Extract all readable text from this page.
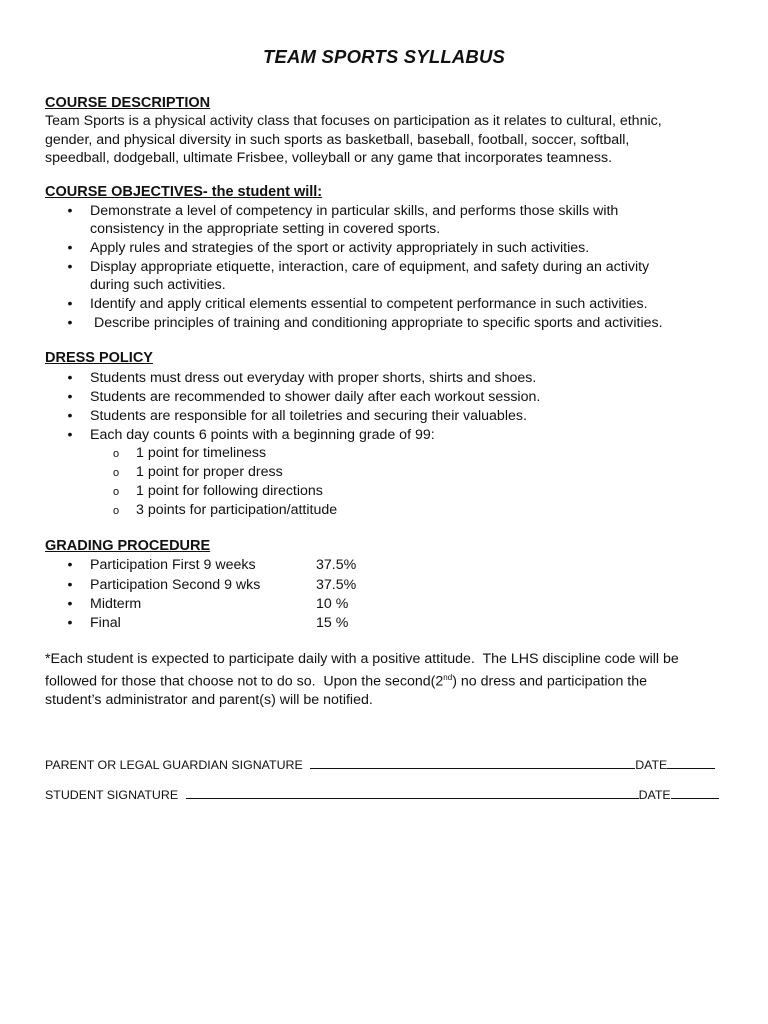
TEAM SPORTS SYLLABUS
COURSE DESCRIPTION
Team Sports is a physical activity class that focuses on participation as it relates to cultural, ethnic,
gender, and physical diversity in such sports as basketball, baseball, football, soccer, softball,
speedball, dodgeball, ultimate Frisbee, volleyball or any game that incorporates teamness.
COURSE OBJECTIVES- the student will:
• Demonstrate a level of competency in particular skills, and performs those skills with
consistency in the appropriate setting in covered sports.
• Apply rules and strategies of the sport or activity appropriately in such activities.
• Display appropriate etiquette, interaction, care of equipment, and safety during an activity
during such activities.
• Identify and apply critical elements essential to competent performance in such activities.
• Describe principles of training and conditioning appropriate to specific sports and activities.
DRESS POLICY
• Students must dress out everyday with proper shorts, shirts and shoes.
• Students are recommended to shower daily after each workout session.
• Students are responsible for all toiletries and securing their valuables.
• Each day counts 6 points with a beginning grade of 99:
o 1 point for timeliness
o 1 point for proper dress
o 1 point for following directions
o 3 points for participation/attitude
GRADING PROCEDURE
• Participation First 9 weeks	37.5%
• Participation Second 9 wks	37.5%
• Midterm	10 %
• Final	15 %
*Each student is expected to participate daily with a positive attitude.  The LHS discipline code will be
followed for those that choose not to do so.  Upon the second(2nd) no dress and participation the
student’s administrator and parent(s) will be notified.
PARENT OR LEGAL GUARDIAN SIGNATURE	DATE
STUDENT SIGNATURE	DATE
